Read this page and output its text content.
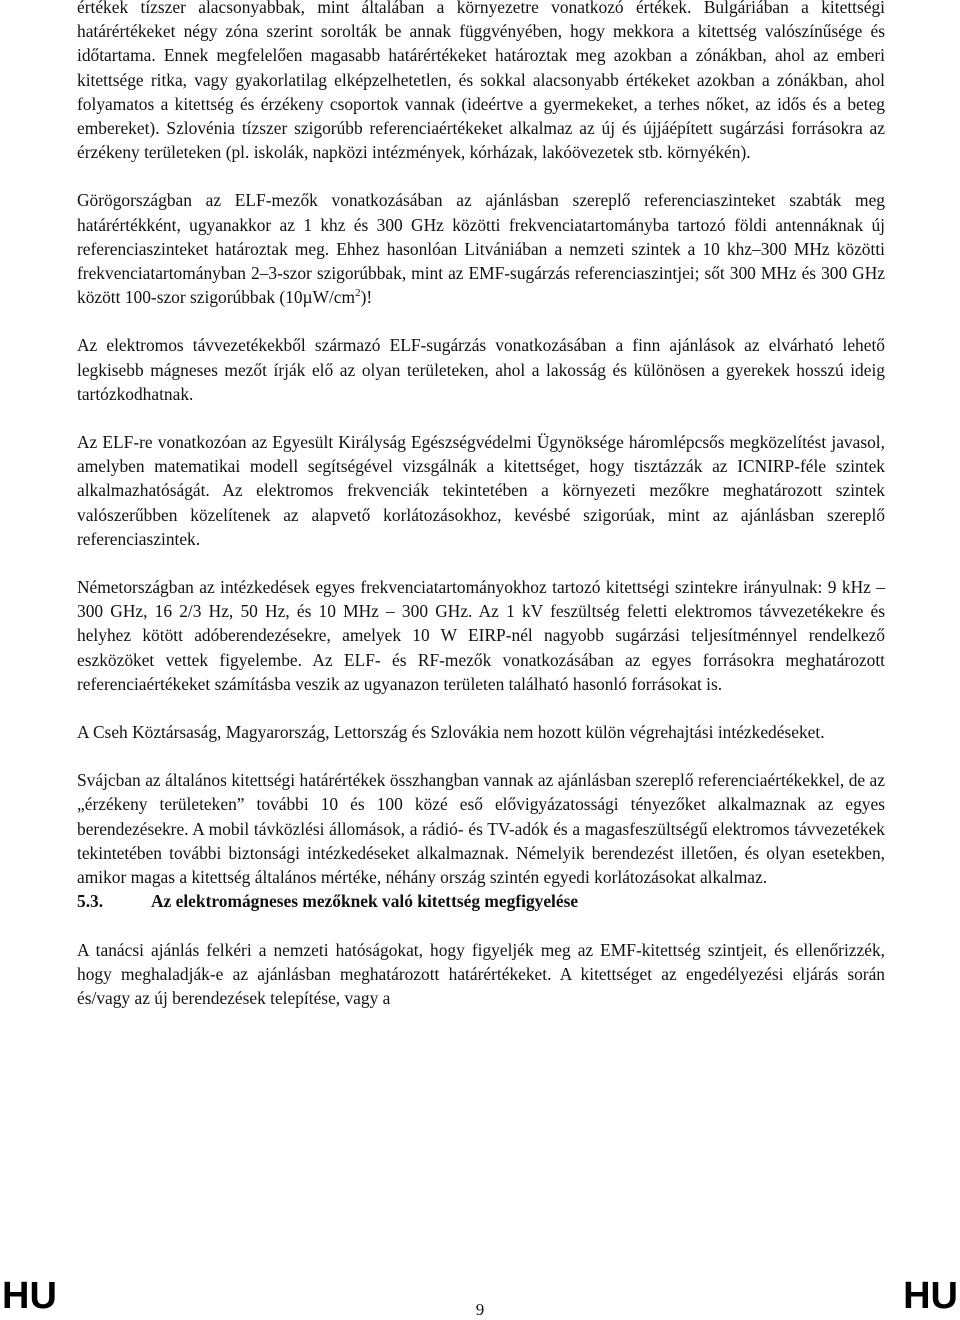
értékek tízszer alacsonyabbak, mint általában a környezetre vonatkozó értékek. Bulgáriában a kitettségi határértékeket négy zóna szerint sorolták be annak függvényében, hogy mekkora a kitettség valószínűsége és időtartama. Ennek megfelelően magasabb határértékeket határoztak meg azokban a zónákban, ahol az emberi kitettsége ritka, vagy gyakorlatilag elképzelhetetlen, és sokkal alacsonyabb értékeket azokban a zónákban, ahol folyamatos a kitettség és érzékeny csoportok vannak (ideértve a gyermekeket, a terhes nőket, az idős és a beteg embereket). Szlovénia tízszer szigorúbb referenciaértékeket alkalmaz az új és újjáépített sugárzási forrásokra az érzékeny területeken (pl. iskolák, napközi intézmények, kórházak, lakóövezetek stb. környékén).

Görögországban az ELF-mezők vonatkozásában az ajánlásban szereplő referenciaszinteket szabták meg határértékként, ugyanakkor az 1 khz és 300 GHz közötti frekvenciatartományba tartozó földi antennáknak új referenciaszinteket határoztak meg. Ehhez hasonlóan Litvániában a nemzeti szintek a 10 khz–300 MHz közötti frekvenciatartományban 2–3-szor szigorúbbak, mint az EMF-sugárzás referenciaszintjei; sőt 300 MHz és 300 GHz között 100-szor szigorúbbak $(10\mu W/cm^2)$!

Az elektromos távvezetékekből származó ELF-sugárzás vonatkozásában a finn ajánlások az elvárható lehető legkisebb mágneses mezőt írják elő az olyan területeken, ahol a lakosság és különösen a gyerekek hosszú ideig tartózkodhatnak.

Az ELF-re vonatkozóan az Egyesült Királyság Egészségvédelmi Ügynöksége háromlépcsős megközelítést javasol, amelyben matematikai modell segítségével vizsgálnák a kitettséget, hogy tisztázzák az ICNIRP-féle szintek alkalmazhatóságát. Az elektromos frekvenciák tekintetében a környezeti mezőkre meghatározott szintek valószerűbben közelítenek az alapvető korlátozásokhoz, kevésbé szigorúak, mint az ajánlásban szereplő referenciaszintek.

Németországban az intézkedések egyes frekvenciatartományokhoz tartozó kitettségi szintekre irányulnak: 9 kHz – 300 GHz, 16 2/3 Hz, 50 Hz, és 10 MHz – 300 GHz. Az 1 kV feszültség feletti elektromos távvezetékekre és helyhez kötött adóberendezésekre, amelyek 10 W EIRP-nél nagyobb sugárzási teljesítménnyel rendelkező eszközöket vettek figyelembe. Az ELF- és RF-mezők vonatkozásában az egyes forrásokra meghatározott referenciaértékeket számításba veszik az ugyanazon területen található hasonló forrásokat is.

A Cseh Köztársaság, Magyarország, Lettország és Szlovákia nem hozott külön végrehajtási intézkedéseket.

Svájcban az általános kitettségi határértékek összhangban vannak az ajánlásban szereplő referenciaértékekkel, de az „érzékeny területeken” további 10 és 100 közé eső elővigyázatossági tényezőket alkalmaznak az egyes berendezésekre. A mobil távközlési állomások, a rádió- és TV-adók és a magasfeszültségű elektromos távvezetékek tekintetében további biztonsági intézkedéseket alkalmaznak. Némelyik berendezést illetően, és olyan esetekben, amikor magas a kitettség általános mértéke, néhány ország szintén egyedi korlátozásokat alkalmaz.

5.3.	Az elektromágneses mezőknek való kitettség megfigyelése

A tanácsi ajánlás felkéri a nemzeti hatóságokat, hogy figyeljék meg az EMF-kitettség szintjeit, és ellenőrizzék, hogy meghaladják-e az ajánlásban meghatározott határértékeket. A kitettséget az engedélyezési eljárás során és/vagy az új berendezések telepítése, vagy a

HU	9	HU
